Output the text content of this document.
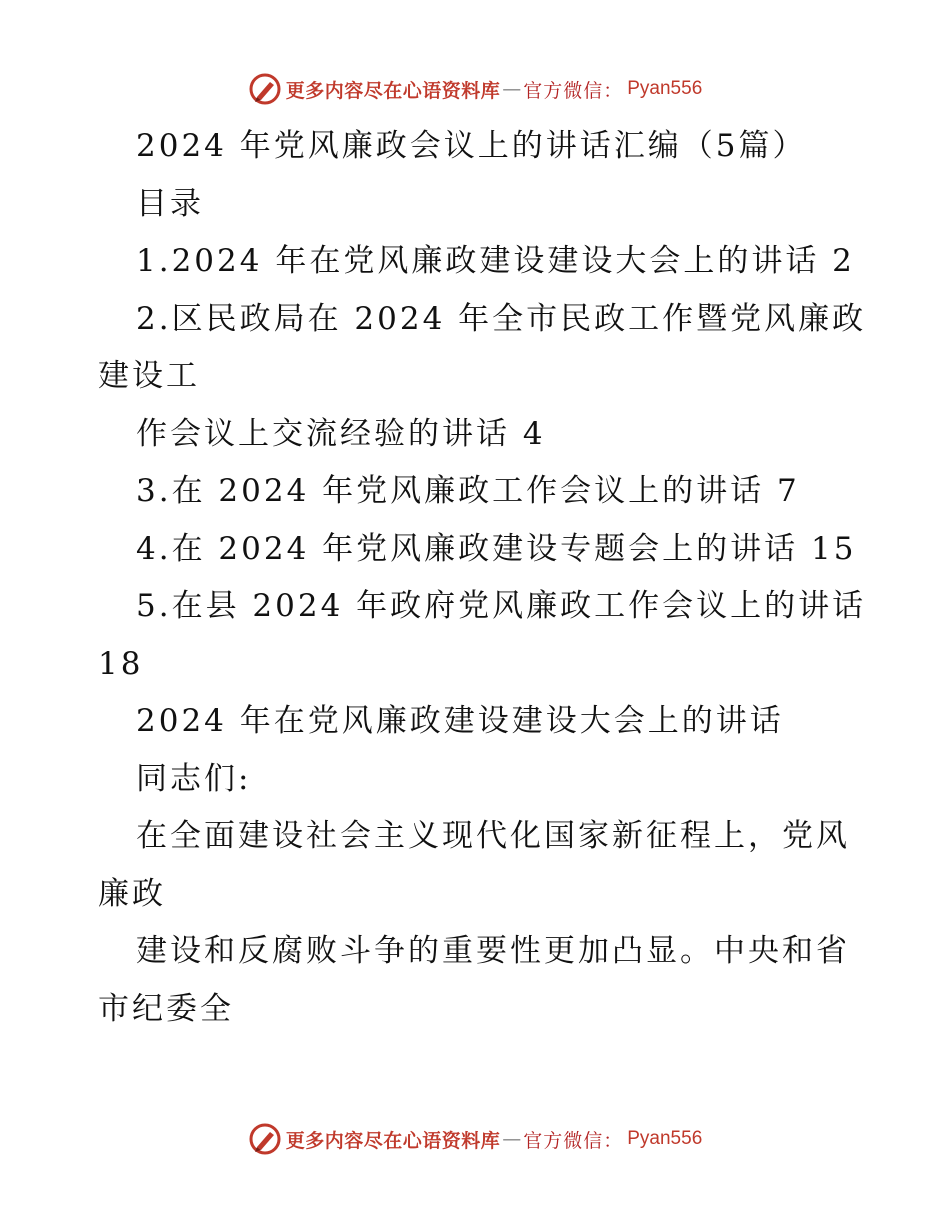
更多内容尽在心语资料库 — 官方微信： Pyan556
2024 年党风廉政会议上的讲话汇编（5篇）
目录
1.2024 年在党风廉政建设建设大会上的讲话 2
2.区民政局在 2024 年全市民政工作暨党风廉政
建设工
作会议上交流经验的讲话 4
3.在 2024 年党风廉政工作会议上的讲话 7
4.在 2024 年党风廉政建设专题会上的讲话 15
5.在县 2024 年政府党风廉政工作会议上的讲话
18
2024 年在党风廉政建设建设大会上的讲话
同志们:
在全面建设社会主义现代化国家新征程上，党风
廉政
建设和反腐败斗争的重要性更加凸显。中央和省
市纪委全
更多内容尽在心语资料库 — 官方微信： Pyan556
